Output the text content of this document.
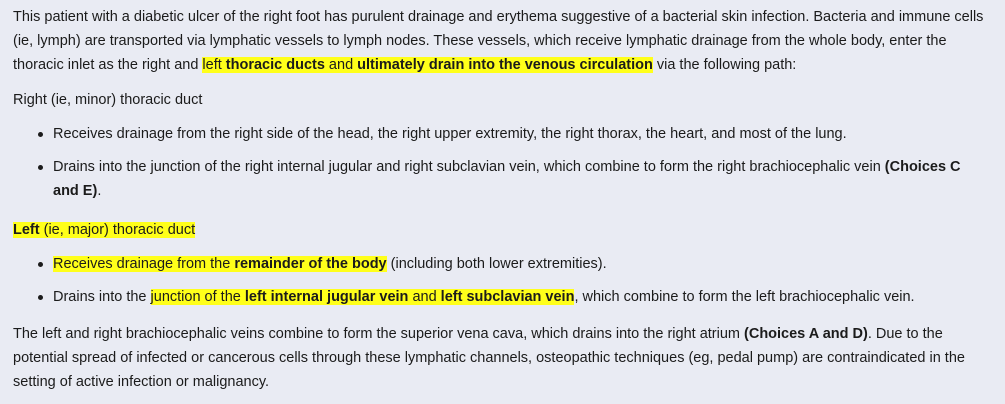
This patient with a diabetic ulcer of the right foot has purulent drainage and erythema suggestive of a bacterial skin infection. Bacteria and immune cells (ie, lymph) are transported via lymphatic vessels to lymph nodes. These vessels, which receive lymphatic drainage from the whole body, enter the thoracic inlet as the right and left thoracic ducts and ultimately drain into the venous circulation via the following path:

Right (ie, minor) thoracic duct

Receives drainage from the right side of the head, the right upper extremity, the right thorax, the heart, and most of the lung.
Drains into the junction of the right internal jugular and right subclavian vein, which combine to form the right brachiocephalic vein (Choices C and E).

Left (ie, major) thoracic duct

Receives drainage from the remainder of the body (including both lower extremities).
Drains into the junction of the left internal jugular vein and left subclavian vein, which combine to form the left brachiocephalic vein.

The left and right brachiocephalic veins combine to form the superior vena cava, which drains into the right atrium (Choices A and D). Due to the potential spread of infected or cancerous cells through these lymphatic channels, osteopathic techniques (eg, pedal pump) are contraindicated in the setting of active infection or malignancy.
